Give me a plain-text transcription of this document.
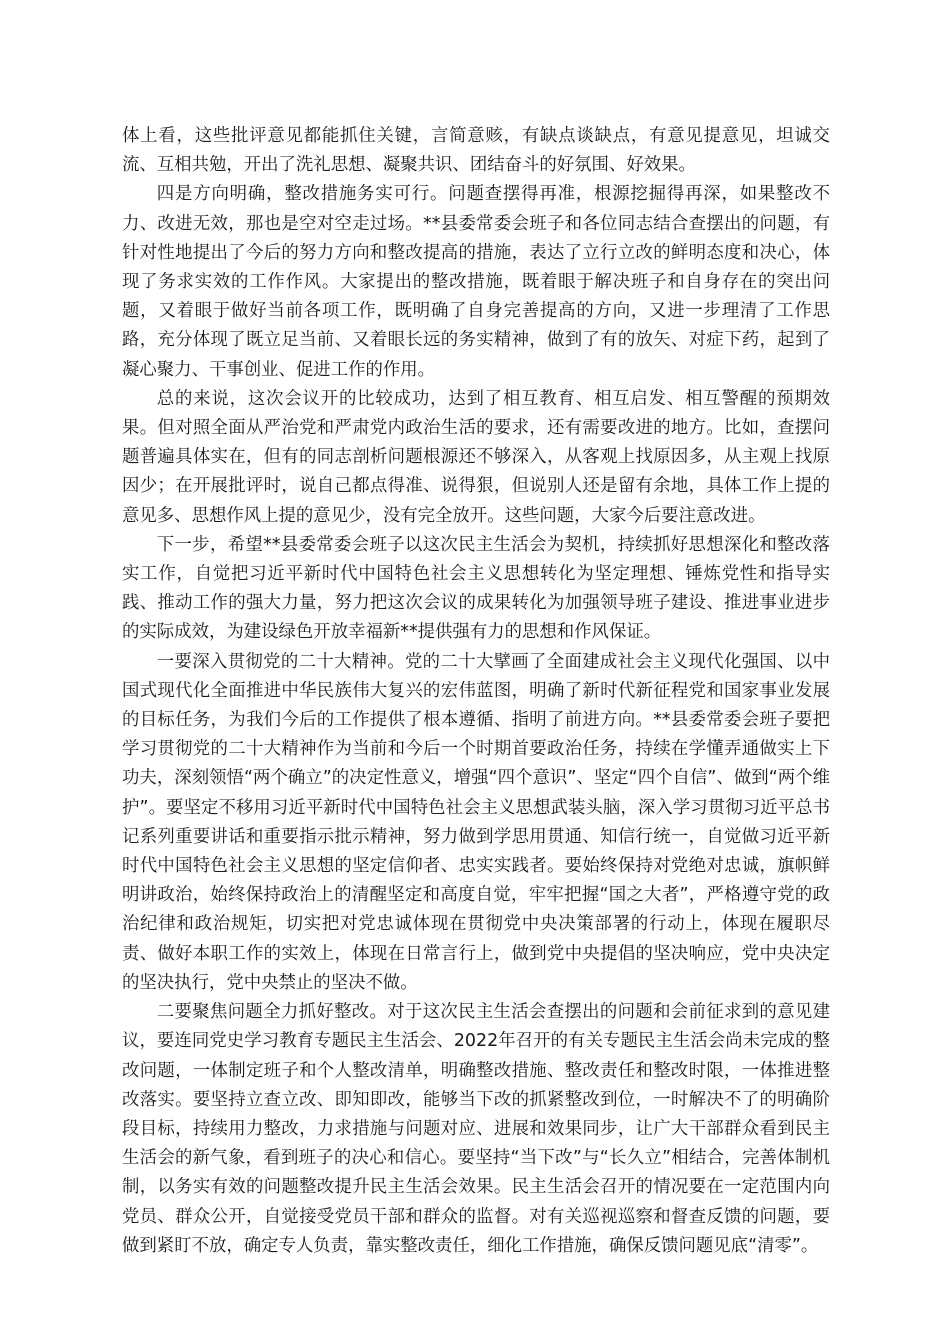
体上看，这些批评意见都能抓住关键，言简意赅，有缺点谈缺点，有意见提意见，坦诚交流、互相共勉，开出了洗礼思想、凝聚共识、团结奋斗的好氛围、好效果。

四是方向明确，整改措施务实可行。问题查摆得再准，根源挖掘得再深，如果整改不力、改进无效，那也是空对空走过场。**县委常委会班子和各位同志结合查摆出的问题，有针对性地提出了今后的努力方向和整改提高的措施，表达了立行立改的鲜明态度和决心，体现了务求实效的工作作风。大家提出的整改措施，既着眼于解决班子和自身存在的突出问题，又着眼于做好当前各项工作，既明确了自身完善提高的方向，又进一步理清了工作思路，充分体现了既立足当前、又着眼长远的务实精神，做到了有的放矢、对症下药，起到了凝心聚力、干事创业、促进工作的作用。

总的来说，这次会议开的比较成功，达到了相互教育、相互启发、相互警醒的预期效果。但对照全面从严治党和严肃党内政治生活的要求，还有需要改进的地方。比如，查摆问题普遍具体实在，但有的同志剖析问题根源还不够深入，从客观上找原因多，从主观上找原因少；在开展批评时，说自己都点得准、说得狠，但说别人还是留有余地，具体工作上提的意见多、思想作风上提的意见少，没有完全放开。这些问题，大家今后要注意改进。

下一步，希望**县委常委会班子以这次民主生活会为契机，持续抓好思想深化和整改落实工作，自觉把习近平新时代中国特色社会主义思想转化为坚定理想、锤炼党性和指导实践、推动工作的强大力量，努力把这次会议的成果转化为加强领导班子建设、推进事业进步的实际成效，为建设绿色开放幸福新**提供强有力的思想和作风保证。

一要深入贯彻党的二十大精神。党的二十大擘画了全面建成社会主义现代化强国、以中国式现代化全面推进中华民族伟大复兴的宏伟蓝图，明确了新时代新征程党和国家事业发展的目标任务，为我们今后的工作提供了根本遵循、指明了前进方向。**县委常委会班子要把学习贯彻党的二十大精神作为当前和今后一个时期首要政治任务，持续在学懂弄通做实上下功夫，深刻领悟“两个确立”的决定性意义，增强“四个意识”、坚定“四个自信”、做到“两个维护”。要坚定不移用习近平新时代中国特色社会主义思想武装头脑，深入学习贯彻习近平总书记系列重要讲话和重要指示批示精神，努力做到学思用贯通、知信行统一，自觉做习近平新时代中国特色社会主义思想的坚定信仰者、忠实实践者。要始终保持对党绝对忠诚，旗帜鲜明讲政治，始终保持政治上的清醒坚定和高度自觉，牢牢把握“国之大者”，严格遵守党的政治纪律和政治规矩，切实把对党忠诚体现在贯彻党中央决策部署的行动上，体现在履职尽责、做好本职工作的实效上，体现在日常言行上，做到党中央提倡的坚决响应，党中央决定的坚决执行，党中央禁止的坚决不做。

二要聚焦问题全力抓好整改。对于这次民主生活会查摆出的问题和会前征求到的意见建议，要连同党史学习教育专题民主生活会、2022年召开的有关专题民主生活会尚未完成的整改问题，一体制定班子和个人整改清单，明确整改措施、整改责任和整改时限，一体推进整改落实。要坚持立查立改、即知即改，能够当下改的抓紧整改到位，一时解决不了的明确阶段目标，持续用力整改，力求措施与问题对应、进展和效果同步，让广大干部群众看到民主生活会的新气象，看到班子的决心和信心。要坚持“当下改”与“长久立”相结合，完善体制机制，以务实有效的问题整改提升民主生活会效果。民主生活会召开的情况要在一定范围内向党员、群众公开，自觉接受党员干部和群众的监督。对有关巡视巡察和督查反馈的问题，要做到紧盯不放，确定专人负责，靠实整改责任，细化工作措施，确保反馈问题见底“清零”。
